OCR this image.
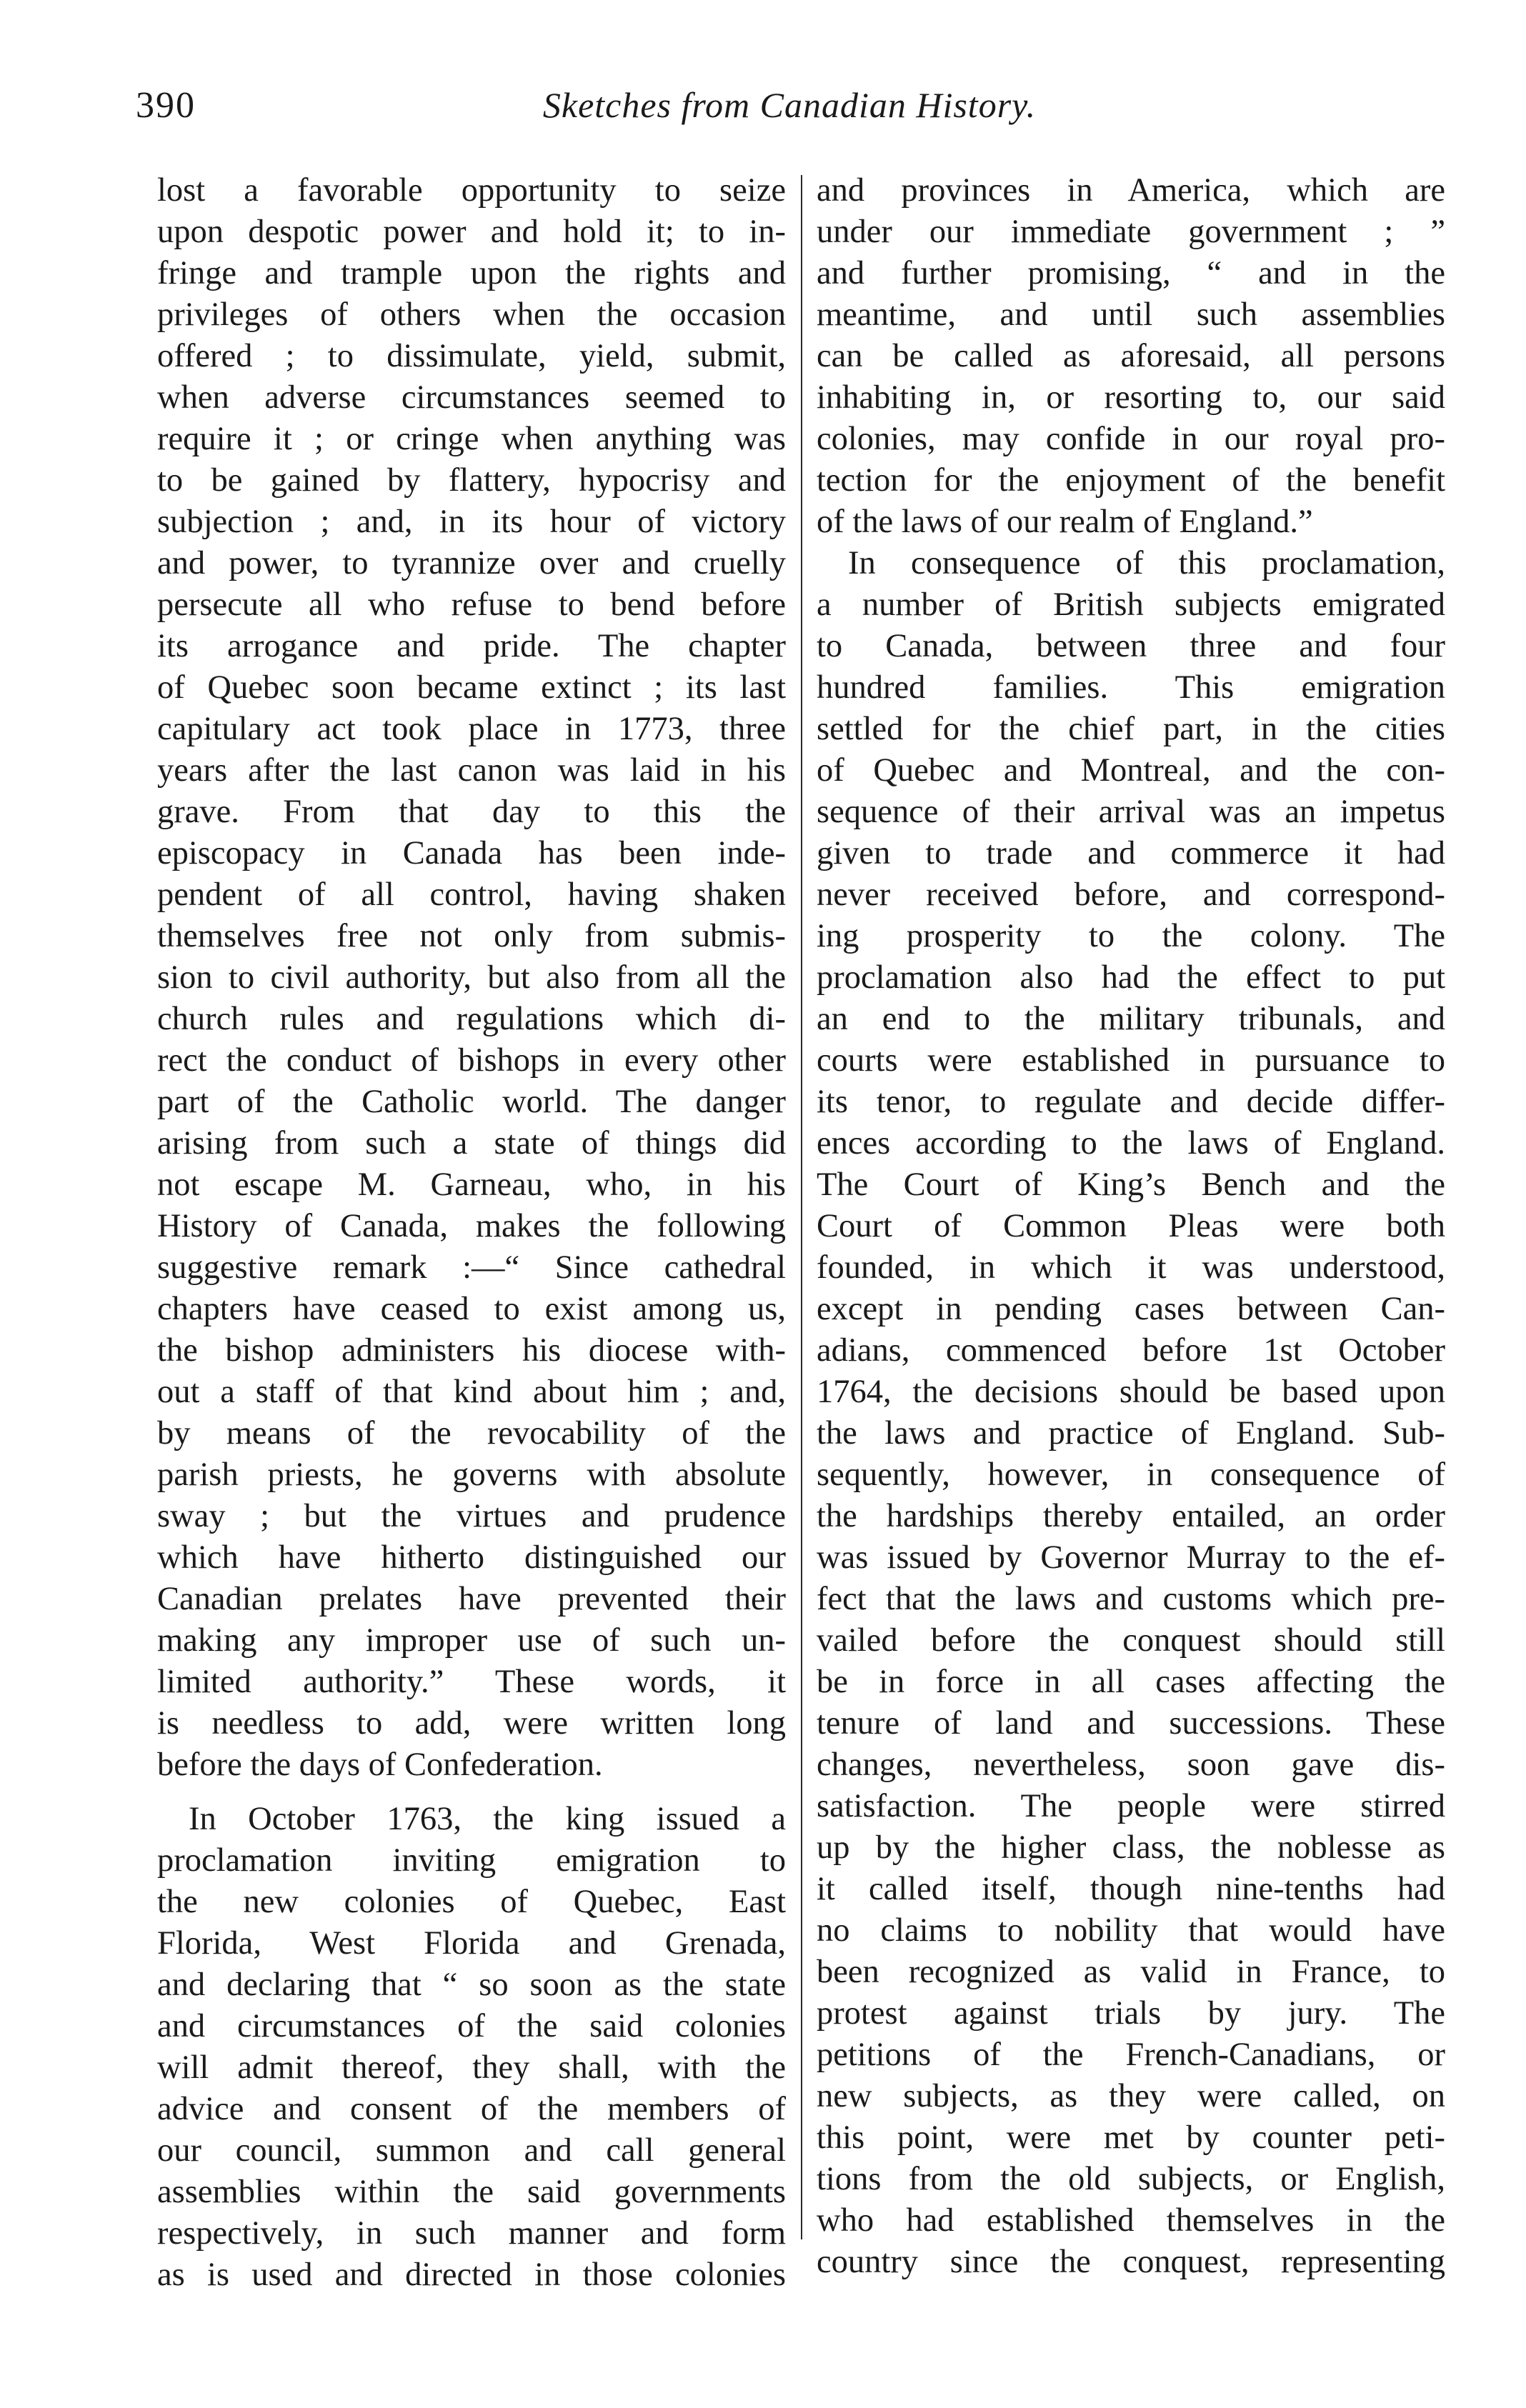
390	Sketches from Canadian History.
lost a favorable opportunity to seize
upon despotic power and hold it; to in-
fringe and trample upon the rights and
privileges of others when the occasion
offered ; to dissimulate, yield, submit,
when adverse circumstances seemed to
require it ; or cringe when anything was
to be gained by flattery, hypocrisy and
subjection ; and, in its hour of victory
and power, to tyrannize over and cruelly
persecute all who refuse to bend before
its arrogance and pride. The chapter
of Quebec soon became extinct ; its last
capitulary act took place in 1773, three
years after the last canon was laid in his
grave. From that day to this the
episcopacy in Canada has been inde-
pendent of all control, having shaken
themselves free not only from submis-
sion to civil authority, but also from all the
church rules and regulations which di-
rect the conduct of bishops in every other
part of the Catholic world. The danger
arising from such a state of things did
not escape M. Garneau, who, in his
History of Canada, makes the following
suggestive remark :—“ Since cathedral
chapters have ceased to exist among us,
the bishop administers his diocese with-
out a staff of that kind about him ; and,
by means of the revocability of the
parish priests, he governs with absolute
sway ; but the virtues and prudence
which have hitherto distinguished our
Canadian prelates have prevented their
making any improper use of such un-
limited authority.” These words, it
is needless to add, were written long
before the days of Confederation.
In October 1763, the king issued a
proclamation inviting emigration to
the new colonies of Quebec, East
Florida, West Florida and Grenada,
and declaring that “ so soon as the state
and circumstances of the said colonies
will admit thereof, they shall, with the
advice and consent of the members of
our council, summon and call general
assemblies within the said governments
respectively, in such manner and form
as is used and directed in those colonies
and provinces in America, which are
under our immediate government ; ”
and further promising, “ and in the
meantime, and until such assemblies
can be called as aforesaid, all persons
inhabiting in, or resorting to, our said
colonies, may confide in our royal pro-
tection for the enjoyment of the benefit
of the laws of our realm of England.”
In consequence of this proclamation,
a number of British subjects emigrated
to Canada, between three and four
hundred families. This emigration
settled for the chief part, in the cities
of Quebec and Montreal, and the con-
sequence of their arrival was an impetus
given to trade and commerce it had
never received before, and correspond-
ing prosperity to the colony. The
proclamation also had the effect to put
an end to the military tribunals, and
courts were established in pursuance to
its tenor, to regulate and decide differ-
ences according to the laws of England.
The Court of King’s Bench and the
Court of Common Pleas were both
founded, in which it was understood,
except in pending cases between Can-
adians, commenced before 1st October
1764, the decisions should be based upon
the laws and practice of England. Sub-
sequently, however, in consequence of
the hardships thereby entailed, an order
was issued by Governor Murray to the ef-
fect that the laws and customs which pre-
vailed before the conquest should still
be in force in all cases affecting the
tenure of land and successions. These
changes, nevertheless, soon gave dis-
satisfaction. The people were stirred
up by the higher class, the noblesse as
it called itself, though nine-tenths had
no claims to nobility that would have
been recognized as valid in France, to
protest against trials by jury. The
petitions of the French-Canadians, or
new subjects, as they were called, on
this point, were met by counter peti-
tions from the old subjects, or English,
who had established themselves in the
country since the conquest, representing
